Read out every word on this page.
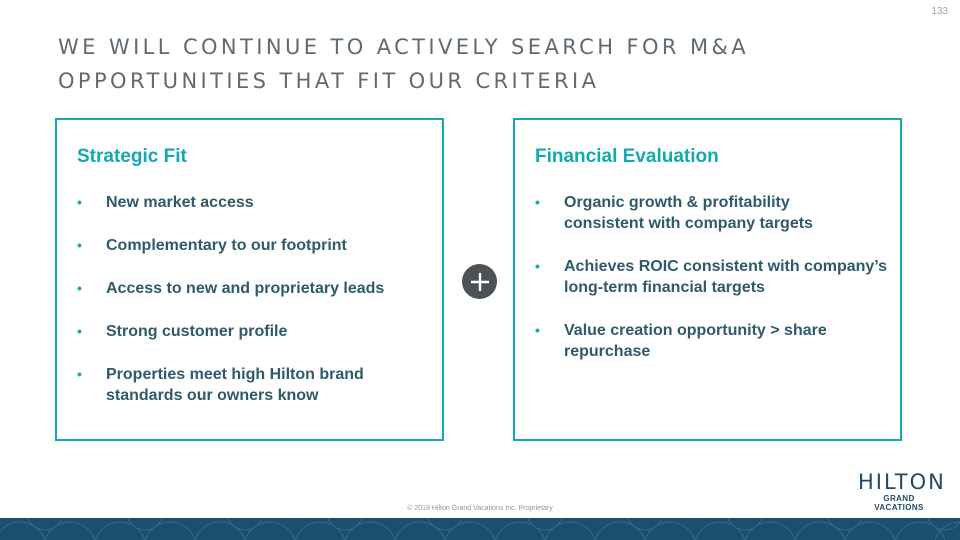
133
WE WILL CONTINUE TO ACTIVELY SEARCH FOR M&A
OPPORTUNITIES THAT FIT OUR CRITERIA
Strategic Fit
• New market access
• Complementary to our footprint
• Access to new and proprietary leads
• Strong customer profile
• Properties meet high Hilton brand standards our owners know
Financial Evaluation
• Organic growth & profitability consistent with company targets
• Achieves ROIC consistent with company’s long-term financial targets
• Value creation opportunity > share repurchase
HILTON
GRAND VACATIONS
© 2018 Hilton Grand Vacations Inc. Proprietary
